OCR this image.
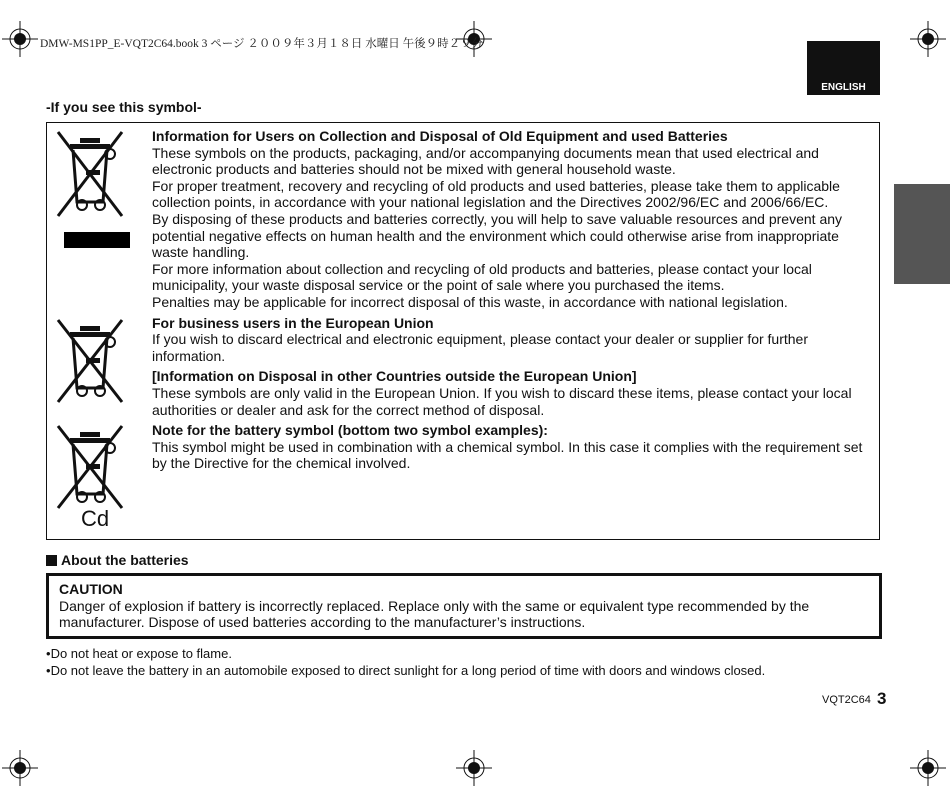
DMW-MS1PP_E-VQT2C64.book 3 ページ ２００９年３月１８日 水曜日 午後９時２９分
ENGLISH
-If you see this symbol-
Cd

Information for Users on Collection and Disposal of Old Equipment and used Batteries

These symbols on the products, packaging, and/or accompanying documents mean that used electrical and electronic products and batteries should not be mixed with general household waste.

For proper treatment, recovery and recycling of old products and used batteries, please take them to applicable collection points, in accordance with your national legislation and the Directives 2002/96/EC and 2006/66/EC.

By disposing of these products and batteries correctly, you will help to save valuable resources and prevent any potential negative effects on human health and the environment which could otherwise arise from inappropriate waste handling.

For more information about collection and recycling of old products and batteries, please contact your local municipality, your waste disposal service or the point of sale where you purchased the items.

Penalties may be applicable for incorrect disposal of this waste, in accordance with national legislation.

For business users in the European Union

If you wish to discard electrical and electronic equipment, please contact your dealer or supplier for further information.

[Information on Disposal in other Countries outside the European Union]

These symbols are only valid in the European Union. If you wish to discard these items, please contact your local authorities or dealer and ask for the correct method of disposal.

Note for the battery symbol (bottom two symbol examples):

This symbol might be used in combination with a chemical symbol. In this case it complies with the requirement set by the Directive for the chemical involved.

About the batteries
CAUTION
Danger of explosion if battery is incorrectly replaced. Replace only with the same or equivalent type recommended by the manufacturer. Dispose of used batteries according to the manufacturer’s instructions.
•Do not heat or expose to flame.
•Do not leave the battery in an automobile exposed to direct sunlight for a long period of time with doors and windows closed.
VQT2C64 3
